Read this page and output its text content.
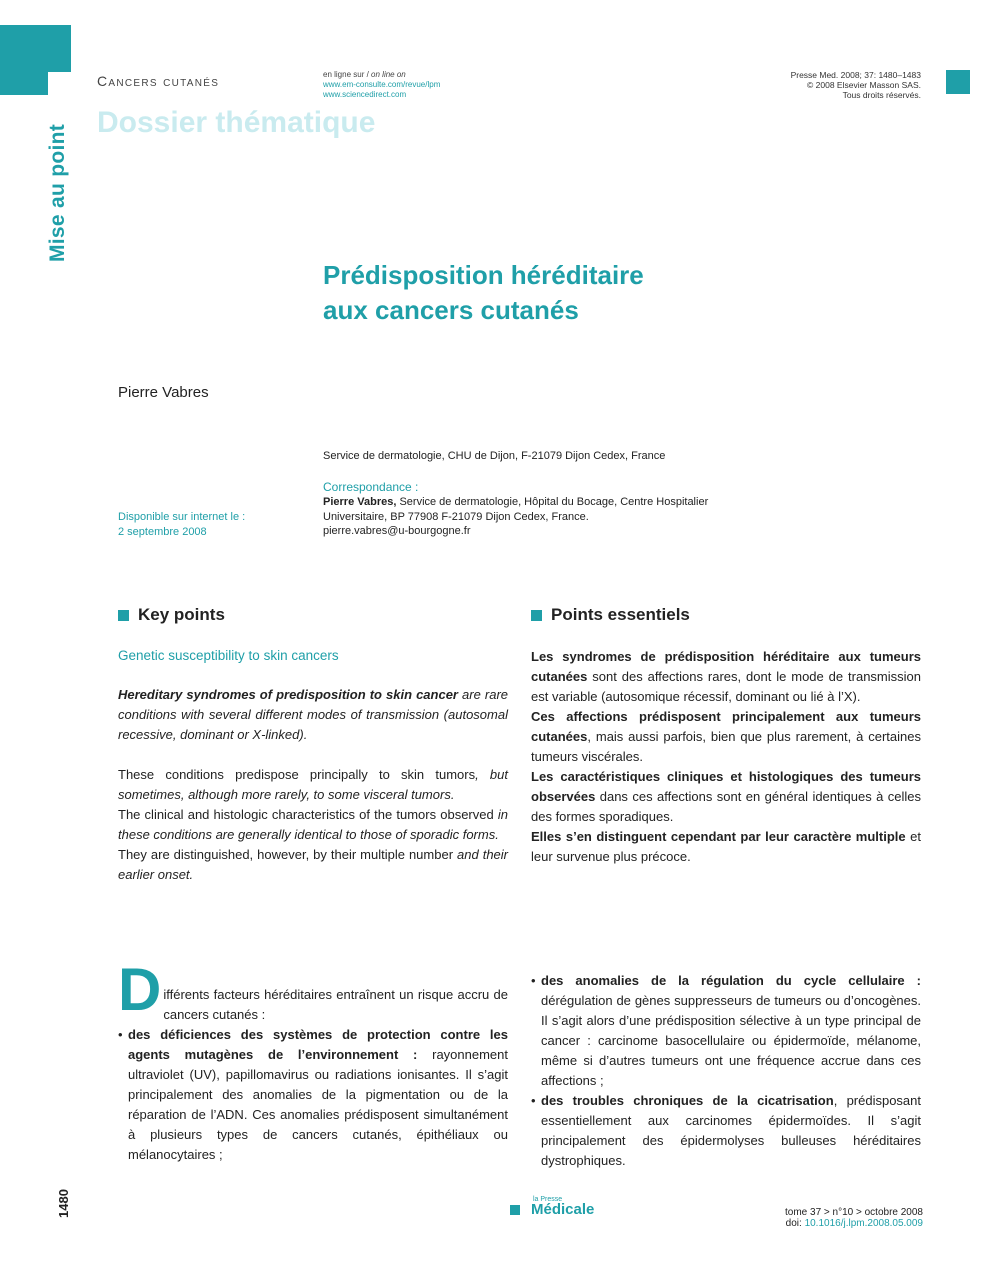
Mise au point
1480
Cancers cutanés
Dossier thématique
en ligne sur / on line on
www.em-consulte.com/revue/lpm
www.sciencedirect.com
Presse Med. 2008; 37: 1480–1483
© 2008 Elsevier Masson SAS.
Tous droits réservés.
Prédisposition héréditaire
aux cancers cutanés
Pierre Vabres
Service de dermatologie, CHU de Dijon, F-21079 Dijon Cedex, France
Correspondance :
Pierre Vabres, Service de dermatologie, Hôpital du Bocage, Centre Hospitalier
Universitaire, BP 77908 F-21079 Dijon Cedex, France.
pierre.vabres@u-bourgogne.fr
Disponible sur internet le :
2 septembre 2008
Key points	Points essentiels
Genetic susceptibility to skin cancers
Hereditary syndromes of predisposition to skin cancer are rare conditions with several different modes of transmission (autosomal recessive, dominant or X-linked).
These conditions predispose principally to skin tumors, but sometimes, although more rarely, to some visceral tumors.
The clinical and histologic characteristics of the tumors observed in these conditions are generally identical to those of sporadic forms.
They are distinguished, however, by their multiple number and their earlier onset.
Les syndromes de prédisposition héréditaire aux tumeurs cutanées sont des affections rares, dont le mode de transmission est variable (autosomique récessif, dominant ou lié à l’X).
Ces affections prédisposent principalement aux tumeurs cutanées, mais aussi parfois, bien que plus rarement, à certaines tumeurs viscérales.
Les caractéristiques cliniques et histologiques des tumeurs observées dans ces affections sont en général identiques à celles des formes sporadiques.
Elles s’en distinguent cependant par leur caractère multiple et leur survenue plus précoce.
D ifférents facteurs héréditaires entraînent un risque accru de cancers cutanés :
• des déficiences des systèmes de protection contre les agents mutagènes de l’environnement : rayonnement ultraviolet (UV), papillomavirus ou radiations ionisantes. Il s’agit principalement des anomalies de la pigmentation ou de la réparation de l’ADN. Ces anomalies prédisposent simultanément à plusieurs types de cancers cutanés, épithéliaux ou mélanocytaires ;
• des anomalies de la régulation du cycle cellulaire : dérégulation de gènes suppresseurs de tumeurs ou d’oncogènes. Il s’agit alors d’une prédisposition sélective à un type principal de cancer : carcinome basocellulaire ou épidermoïde, mélanome, même si d’autres tumeurs ont une fréquence accrue dans ces affections ;
• des troubles chroniques de la cicatrisation, prédisposant essentiellement aux carcinomes épidermoïdes. Il s’agit principalement des épidermolyses bulleuses héréditaires dystrophiques.
la Presse
Médicale	tome 37 > n°10 > octobre 2008
doi: 10.1016/j.lpm.2008.05.009
